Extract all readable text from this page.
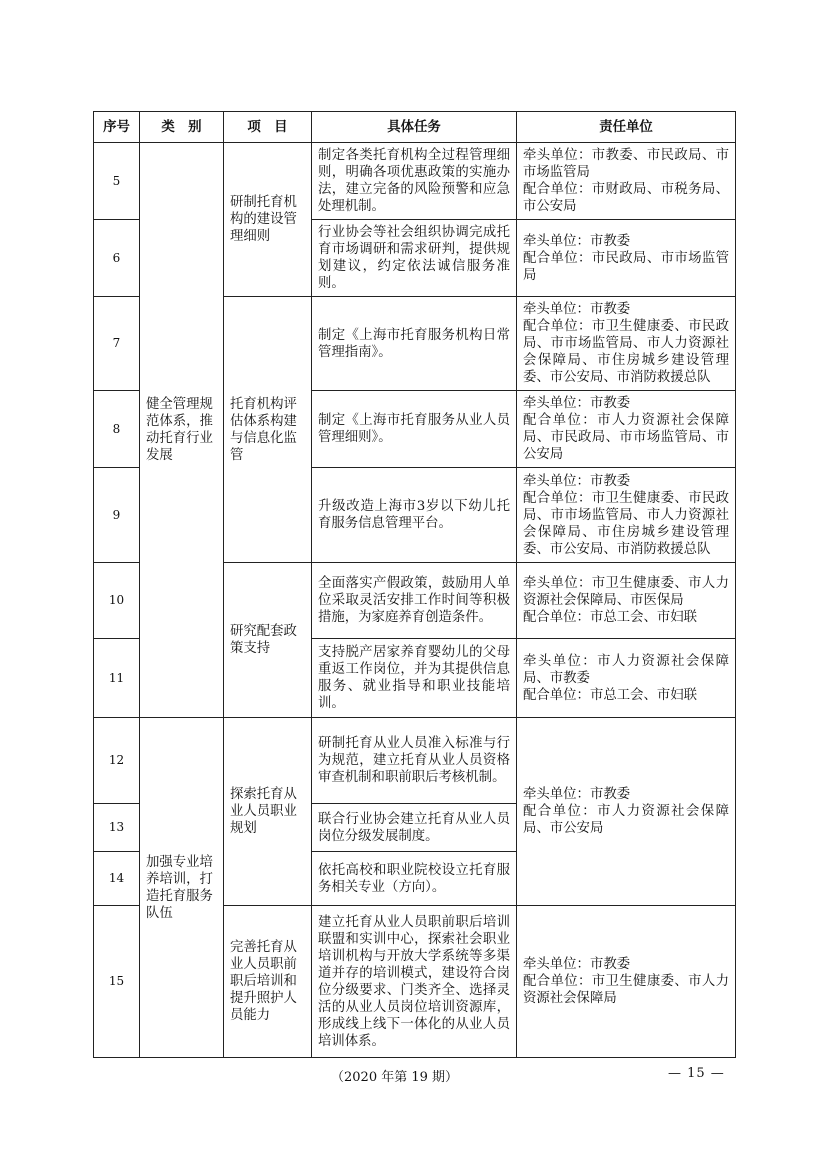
序号	类　别	项　目	具体任务	责任单位
5	健全管理规范体系，推动托育行业发展	研制托育机构的建设管理细则	制定各类托育机构全过程管理细则，明确各项优惠政策的实施办法，建立完备的风险预警和应急处理机制。	牵头单位：市教委、市民政局、市市场监管局
配合单位：市财政局、市税务局、市公安局
6			行业协会等社会组织协调完成托育市场调研和需求研判，提供规划建议，约定依法诚信服务准则。	牵头单位：市教委
配合单位：市民政局、市市场监管局
7		托育机构评估体系构建与信息化监管	制定《上海市托育服务机构日常管理指南》。	牵头单位：市教委
配合单位：市卫生健康委、市民政局、市市场监管局、市人力资源社会保障局、市住房城乡建设管理委、市公安局、市消防救援总队
8			制定《上海市托育服务从业人员管理细则》。	牵头单位：市教委
配合单位：市人力资源社会保障局、市民政局、市市场监管局、市公安局
9			升级改造上海市3岁以下幼儿托育服务信息管理平台。	牵头单位：市教委
配合单位：市卫生健康委、市民政局、市市场监管局、市人力资源社会保障局、市住房城乡建设管理委、市公安局、市消防救援总队
10		研究配套政策支持	全面落实产假政策，鼓励用人单位采取灵活安排工作时间等积极措施，为家庭养育创造条件。	牵头单位：市卫生健康委、市人力资源社会保障局、市医保局
配合单位：市总工会、市妇联
11			支持脱产居家养育婴幼儿的父母重返工作岗位，并为其提供信息服务、就业指导和职业技能培训。	牵头单位：市人力资源社会保障局、市教委
配合单位：市总工会、市妇联
12	加强专业培养培训，打造托育服务队伍	探索托育从业人员职业规划	研制托育从业人员准入标准与行为规范，建立托育从业人员资格审查机制和职前职后考核机制。	牵头单位：市教委
配合单位：市人力资源社会保障局、市公安局
13			联合行业协会建立托育从业人员岗位分级发展制度。	
14			依托高校和职业院校设立托育服务相关专业（方向）。	
15		完善托育从业人员职前职后培训和提升照护人员能力	建立托育从业人员职前职后培训联盟和实训中心，探索社会职业培训机构与开放大学系统等多渠道并存的培训模式，建设符合岗位分级要求、门类齐全、选择灵活的从业人员岗位培训资源库，形成线上线下一体化的从业人员培训体系。	牵头单位：市教委
配合单位：市卫生健康委、市人力资源社会保障局
（2020 年第 19 期）	— 15 —
